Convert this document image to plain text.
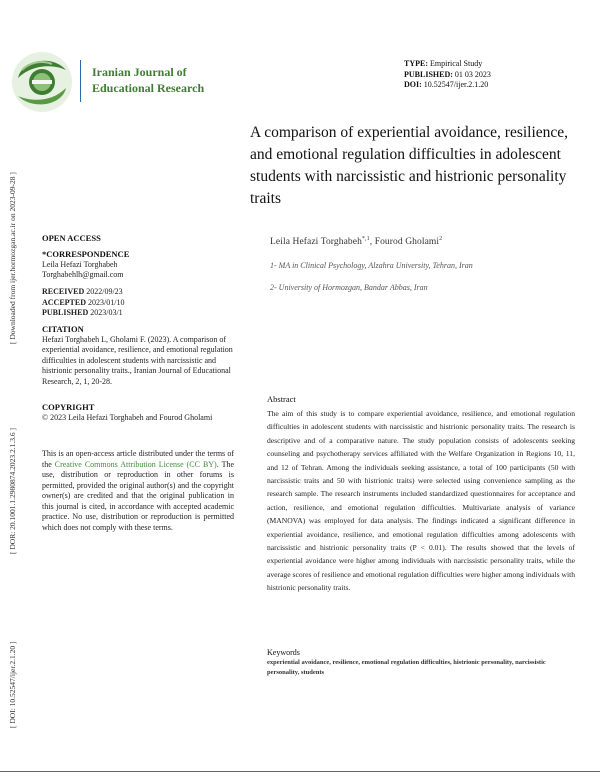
Iranian Journal of
Educational Research
TYPE: Empirical Study
PUBLISHED: 01 03 2023
DOI: 10.52547/ijer.2.1.20
[ Downloaded from ijer.hormozgan.ac.ir on 2023-09-28 ]
[ DOR: 20.1001.1.2980874.2023.2.1.3.6 ]
[ DOI: 10.52547/ijer.2.1.20 ]
A comparison of experiential avoidance, resilience, and emotional regulation difficulties in adolescent students with narcissistic and histrionic personality traits
Leila Hefazi Torghabeh$^{*,1}$, Fourod Gholami$^2$
1- MA in Clinical Psychology, Alzahra University, Tehran, Iran
2- University of Hormozgan, Bandar Abbas, Iran
OPEN ACCESS
*CORRESPONDENCE
Leila Hefazi Torghabeh
Torghabehlh@gmail.com
RECEIVED 2022/09/23
ACCEPTED 2023/01/10
PUBLISHED 2023/03/1
CITATION
Hefazi Torghabeh L, Gholami F. (2023). A comparison of experiential avoidance, resilience, and emotional regulation difficulties in adolescent students with narcissistic and histrionic personality traits., Iranian Journal of Educational Research, 2, 1, 20-28.
COPYRIGHT
© 2023 Leila Hefazi Torghabeh and Fourod Gholami
This is an open-access article distributed under the terms of the Creative Commons Attribution License (CC BY). The use, distribution or reproduction in other forums is permitted, provided the original author(s) and the copyright owner(s) are credited and that the original publication in this journal is cited, in accordance with accepted academic practice. No use, distribution or reproduction is permitted which does not comply with these terms.
Abstract
The aim of this study is to compare experiential avoidance, resilience, and emotional regulation difficulties in adolescent students with narcissistic and histrionic personality traits. The research is descriptive and of a comparative nature. The study population consists of adolescents seeking counseling and psychotherapy services affiliated with the Welfare Organization in Regions 10, 11, and 12 of Tehran. Among the individuals seeking assistance, a total of 100 participants (50 with narcissistic traits and 50 with histrionic traits) were selected using convenience sampling as the research sample. The research instruments included standardized questionnaires for acceptance and action, resilience, and emotional regulation difficulties. Multivariate analysis of variance (MANOVA) was employed for data analysis. The findings indicated a significant difference in experiential avoidance, resilience, and emotional regulation difficulties among adolescents with narcissistic and histrionic personality traits (P < 0.01). The results showed that the levels of experiential avoidance were higher among individuals with narcissistic personality traits, while the average scores of resilience and emotional regulation difficulties were higher among individuals with histrionic personality traits.
Keywords
experiential avoidance, resilience, emotional regulation difficulties, histrionic personality, narcissistic personality, students
